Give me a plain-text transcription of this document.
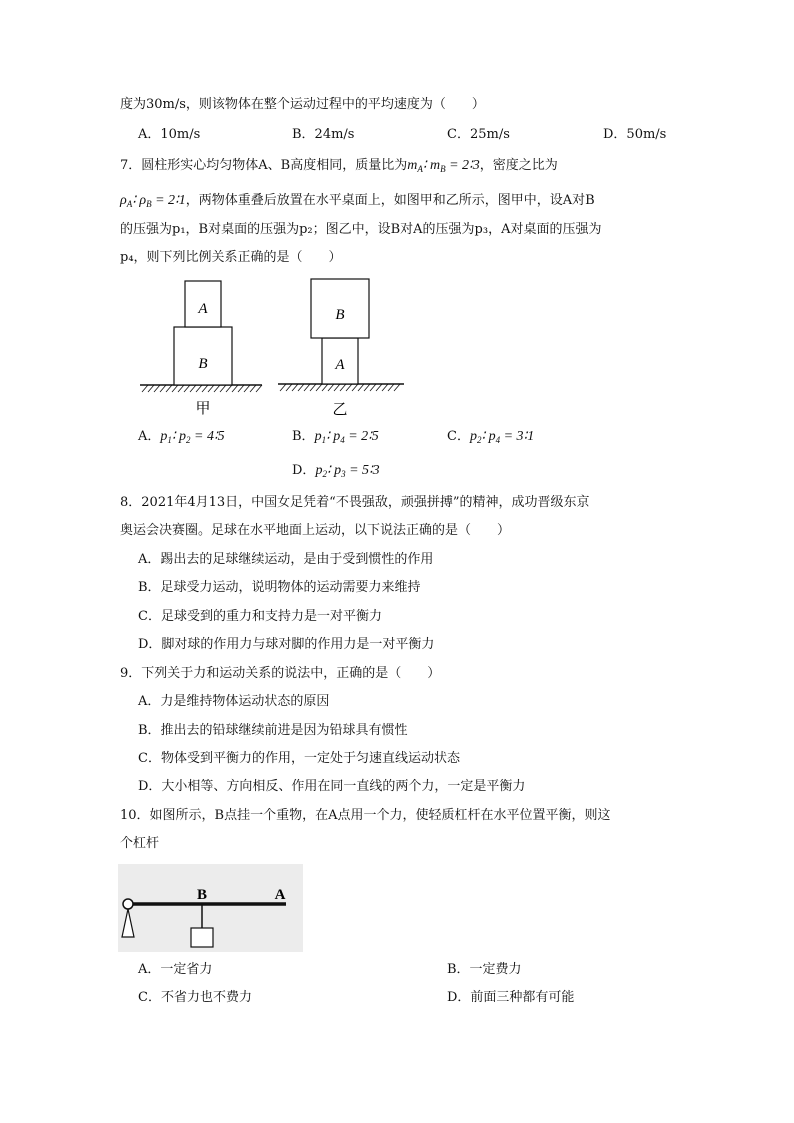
度为30m/s，则该物体在整个运动过程中的平均速度为（　　）
A．10m/s	B．24m/s	C．25m/s	D．50m/s
7．圆柱形实心均匀物体A、B高度相同，质量比为$m_A∶$ $m_B$ = 2∶3，密度之比为
$\rho_A∶$ $\rho_B$ = 2∶1，两物体重叠后放置在水平桌面上，如图甲和乙所示，图甲中，设A对B
的压强为p₁，B对桌面的压强为p₂；图乙中，设B对A的压强为p₃，A对桌面的压强为
p₄，则下列比例关系正确的是（　　）
A
B
甲
B
A
乙
A．$p_1∶$ $p_2$ = 4∶5	B．$p_1∶$ $p_4$ = 2∶5	C．$p_2∶$ $p_4$ = 3∶1
D．$p_2∶$ $p_3$ = 5∶3
8．2021年4月13日，中国女足凭着“不畏强敌，顽强拼搏”的精神，成功晋级东京
奥运会决赛圈。足球在水平地面上运动，以下说法正确的是（　　）
A．踢出去的足球继续运动，是由于受到惯性的作用
B．足球受力运动，说明物体的运动需要力来维持
C．足球受到的重力和支持力是一对平衡力
D．脚对球的作用力与球对脚的作用力是一对平衡力
9．下列关于力和运动关系的说法中，正确的是（　　）
A．力是维持物体运动状态的原因
B．推出去的铅球继续前进是因为铅球具有惯性
C．物体受到平衡力的作用，一定处于匀速直线运动状态
D．大小相等、方向相反、作用在同一直线的两个力，一定是平衡力
10．如图所示，B点挂一个重物，在A点用一个力，使轻质杠杆在水平位置平衡，则这
个杠杆
B	A
A．一定省力	B．一定费力
C．不省力也不费力	D．前面三种都有可能
